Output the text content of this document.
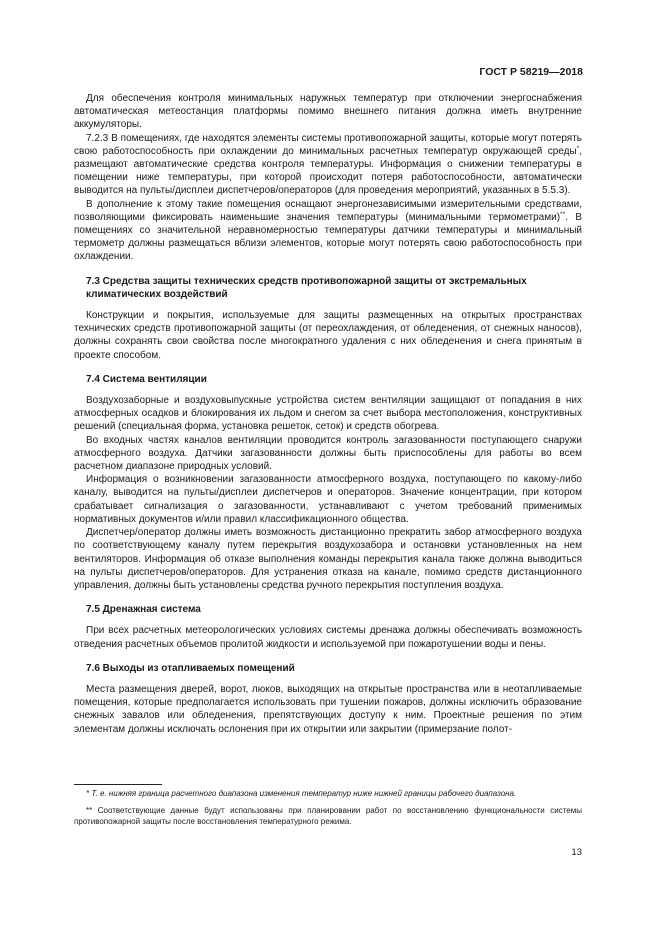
ГОСТ Р 58219—2018

Для обеспечения контроля минимальных наружных температур при отключении энергоснабжения автоматическая метеостанция платформы помимо внешнего питания должна иметь внутренние аккумуляторы.

7.2.3 В помещениях, где находятся элементы системы противопожарной защиты, которые могут потерять свою работоспособность при охлаждении до минимальных расчетных температур окружающей среды*, размещают автоматические средства контроля температуры. Информация о снижении температуры в помещении ниже температуры, при которой происходит потеря работоспособности, автоматически выводится на пульты/дисплеи диспетчеров/операторов (для проведения мероприятий, указанных в 5.5.3).

В дополнение к этому такие помещения оснащают энергонезависимыми измерительными средствами, позволяющими фиксировать наименьшие значения температуры (минимальными термометрами)**. В помещениях со значительной неравномерностью температуры датчики температуры и минимальный термометр должны размещаться вблизи элементов, которые могут потерять свою работоспособность при охлаждении.

7.3 Средства защиты технических средств противопожарной защиты от экстремальных климатических воздействий

Конструкции и покрытия, используемые для защиты размещенных на открытых пространствах технических средств противопожарной защиты (от переохлаждения, от обледенения, от снежных наносов), должны сохранять свои свойства после многократного удаления с них обледенения и снега принятым в проекте способом.

7.4 Система вентиляции

Воздухозаборные и воздуховыпускные устройства систем вентиляции защищают от попадания в них атмосферных осадков и блокирования их льдом и снегом за счет выбора местоположения, конструктивных решений (специальная форма, установка решеток, сеток) и средств обогрева.

Во входных частях каналов вентиляции проводится контроль загазованности поступающего снаружи атмосферного воздуха. Датчики загазованности должны быть приспособлены для работы во всем расчетном диапазоне природных условий.

Информация о возникновении загазованности атмосферного воздуха, поступающего по какому-либо каналу, выводится на пульты/дисплеи диспетчеров и операторов. Значение концентрации, при котором срабатывает сигнализация о загазованности, устанавливают с учетом требований применимых нормативных документов и/или правил классификационного общества.

Диспетчер/оператор должны иметь возможность дистанционно прекратить забор атмосферного воздуха по соответствующему каналу путем перекрытия воздухозабора и остановки установленных на нем вентиляторов. Информация об отказе выполнения команды перекрытия канала также должна выводиться на пульты диспетчеров/операторов. Для устранения отказа на канале, помимо средств дистанционного управления, должны быть установлены средства ручного перекрытия поступления воздуха.

7.5 Дренажная система

При всех расчетных метеорологических условиях системы дренажа должны обеспечивать возможность отведения расчетных объемов пролитой жидкости и используемой при пожаротушении воды и пены.

7.6 Выходы из отапливаемых помещений

Места размещения дверей, ворот, люков, выходящих на открытые пространства или в неотапливаемые помещения, которые предполагается использовать при тушении пожаров, должны исключить образование снежных завалов или обледенения, препятствующих доступу к ним. Проектные решения по этим элементам должны исключать ослонения при их открытии или закрытии (примерзание полот-

* Т. е. нижняя граница расчетного диапазона изменения температур ниже нижней границы рабочего диапазона.

** Соответствующие данные будут использованы при планировании работ по восстановлению функциональности системы противопожарной защиты после восстановления температурного режима.

13
